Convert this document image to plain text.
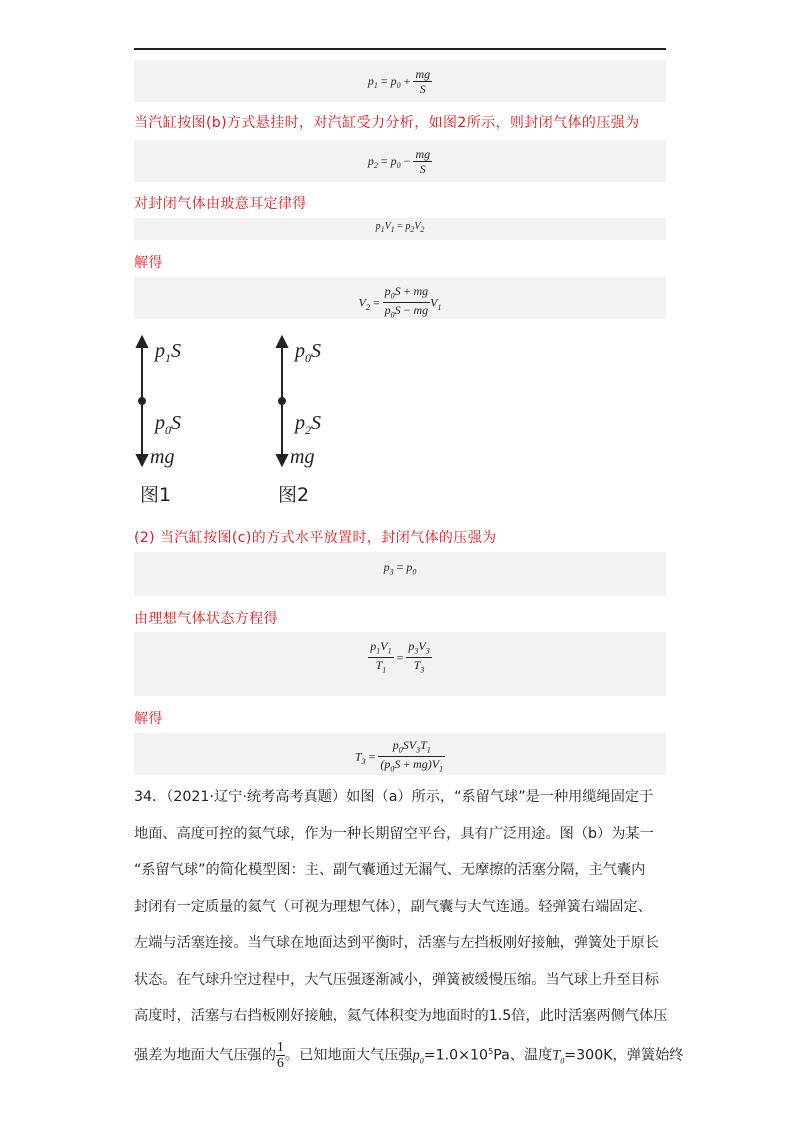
$p_1 = p_0 + \frac{mg}{S}$
当汽缸按图(b)方式悬挂时，对汽缸受力分析，如图2所示，则封闭气体的压强为
$p_2 = p_0 - \frac{mg}{S}$
对封闭气体由玻意耳定律得
$p_1V_1 = p_2V_2$
解得
$V_2 = \frac{p_0S + mg}{p_0S - mg} V_1$
$p_1S$
$p_0S$
mg
图1
$p_0S$
$p_2S$
mg
图2
(2) 当汽缸按图(c)的方式水平放置时，封闭气体的压强为
$p_3 = p_0$
由理想气体状态方程得
$\frac{p_1V_1}{T_1} = \frac{p_3V_3}{T_3}$
解得
$T_3 = \frac{p_0SV_3T_1}{(p_0S + mg)V_1}$
34．（2021·辽宁·统考高考真题）如图（a）所示，“系留气球”是一种用缆绳固定于
地面、高度可控的氦气球，作为一种长期留空平台，具有广泛用途。图（b）为某一
“系留气球”的简化模型图：主、副气囊通过无漏气、无摩擦的活塞分隔，主气囊内
封闭有一定质量的氦气（可视为理想气体），副气囊与大气连通。轻弹簧右端固定、
左端与活塞连接。当气球在地面达到平衡时，活塞与左挡板刚好接触，弹簧处于原长
状态。在气球升空过程中，大气压强逐渐减小，弹簧被缓慢压缩。当气球上升至目标
高度时，活塞与右挡板刚好接触，氦气体积变为地面时的1.5倍，此时活塞两侧气体压
强差为地面大气压强的 $\frac{1}{6}$ 。已知地面大气压强$p_0=1.0\times 10^5Pa$、温度$T_0=300K$，弹簧始终
